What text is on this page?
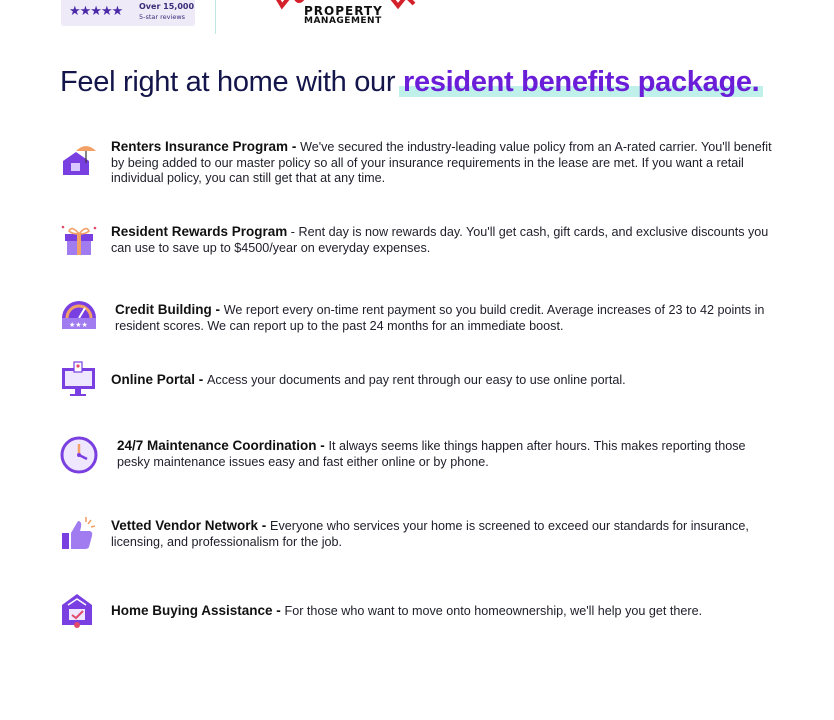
★★★★★ Over 15,000
5-star reviews	PROPERTY
MANAGEMENT
Feel right at home with our resident benefits package.
Renters Insurance Program - We've secured the industry-leading value policy from an A-rated carrier. You'll benefit by being added to our master policy so all of your insurance requirements in the lease are met. If you want a retail individual policy, you can still get that at any time.
Resident Rewards Program - Rent day is now rewards day. You'll get cash, gift cards, and exclusive discounts you can use to save up to $4500/year on everyday expenses.
★★★
Credit Building - We report every on-time rent payment so you build credit. Average increases of 23 to 42 points in resident scores. We can report up to the past 24 months for an immediate boost.
Online Portal - Access your documents and pay rent through our easy to use online portal.
24/7 Maintenance Coordination - It always seems like things happen after hours. This makes reporting those pesky maintenance issues easy and fast either online or by phone.
Vetted Vendor Network - Everyone who services your home is screened to exceed our standards for insurance, licensing, and professionalism for the job.
Home Buying Assistance - For those who want to move onto homeownership, we'll help you get there.
